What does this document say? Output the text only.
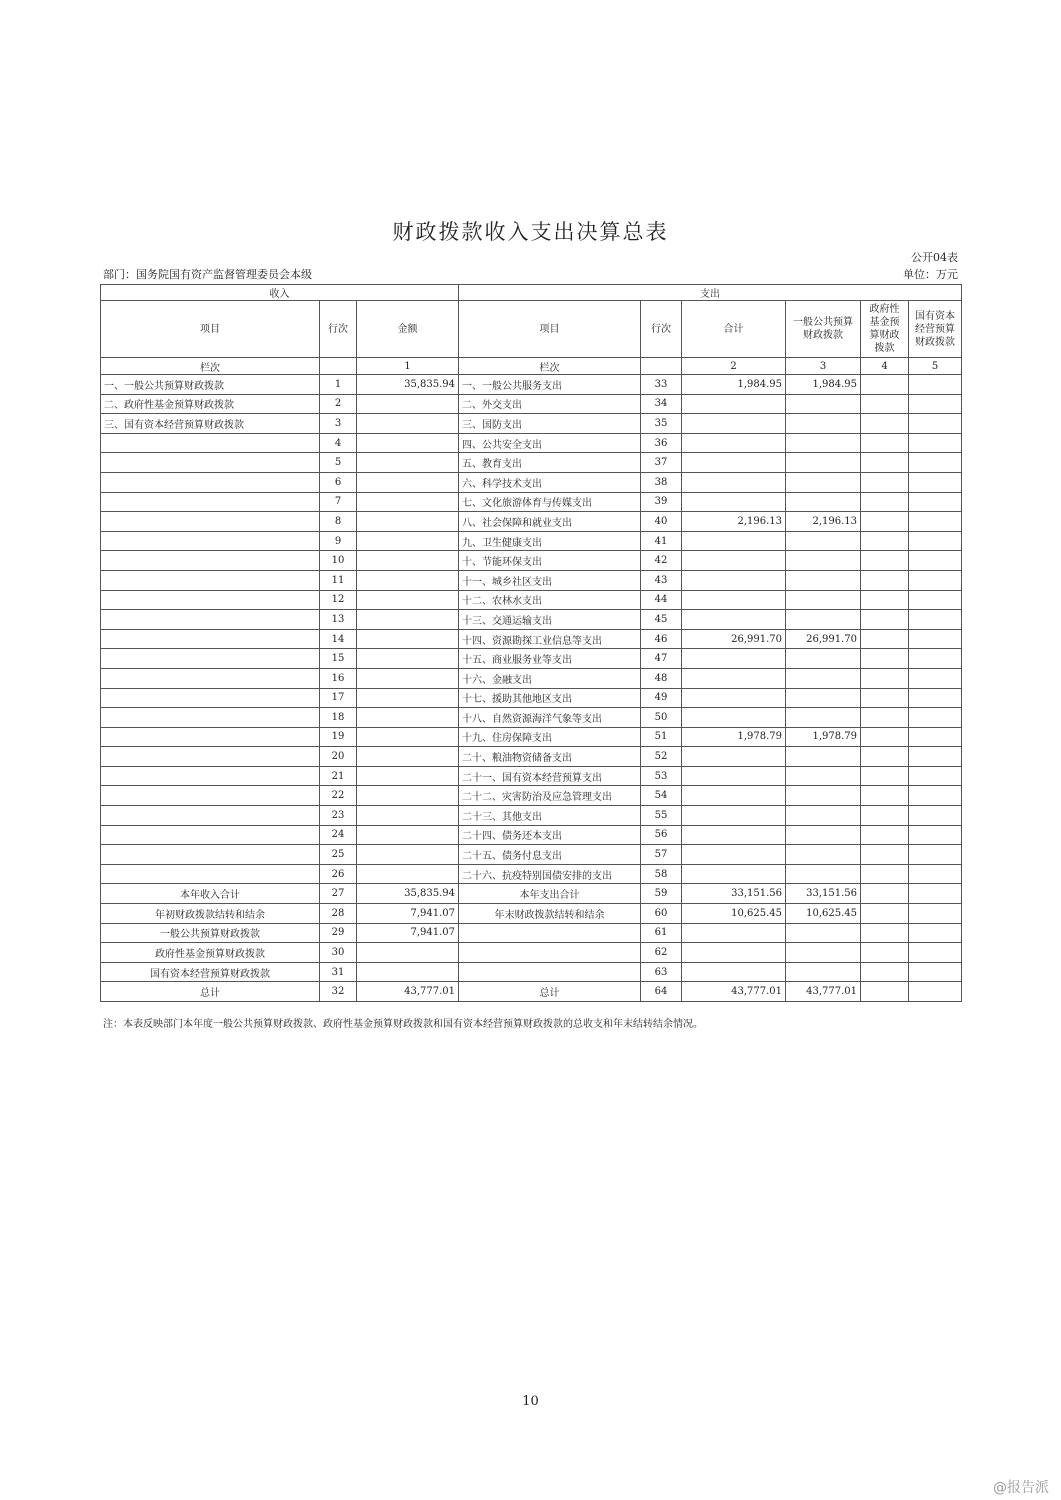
财政拨款收入支出决算总表
公开04表
部门：国务院国有资产监督管理委员会本级	单位：万元
收入			支出					
项目	行次	金额	项目	行次	合计	一般公共预算财政拨款	政府性基金预算财政拨款	国有资本经营预算财政拨款
栏次		1	栏次		2	3	4	5
一、一般公共预算财政拨款	1	35,835.94	一、一般公共服务支出	33	1,984.95	1,984.95		
二、政府性基金预算财政拨款	2		二、外交支出	34				
三、国有资本经营预算财政拨款	3		三、国防支出	35				
	4		四、公共安全支出	36				
	5		五、教育支出	37				
	6		六、科学技术支出	38				
	7		七、文化旅游体育与传媒支出	39				
	8		八、社会保障和就业支出	40	2,196.13	2,196.13		
	9		九、卫生健康支出	41				
	10		十、节能环保支出	42				
	11		十一、城乡社区支出	43				
	12		十二、农林水支出	44				
	13		十三、交通运输支出	45				
	14		十四、资源勘探工业信息等支出	46	26,991.70	26,991.70		
	15		十五、商业服务业等支出	47				
	16		十六、金融支出	48				
	17		十七、援助其他地区支出	49				
	18		十八、自然资源海洋气象等支出	50				
	19		十九、住房保障支出	51	1,978.79	1,978.79		
	20		二十、粮油物资储备支出	52				
	21		二十一、国有资本经营预算支出	53				
	22		二十二、灾害防治及应急管理支出	54				
	23		二十三、其他支出	55				
	24		二十四、债务还本支出	56				
	25		二十五、债务付息支出	57				
	26		二十六、抗疫特别国债安排的支出	58				
本年收入合计	27	35,835.94	本年支出合计	59	33,151.56	33,151.56		
年初财政拨款结转和结余	28	7,941.07	年末财政拨款结转和结余	60	10,625.45	10,625.45		
一般公共预算财政拨款	29	7,941.07		61				
政府性基金预算财政拨款	30			62				
国有资本经营预算财政拨款	31			63				
总计	32	43,777.01	总计	64	43,777.01	43,777.01		
注：本表反映部门本年度一般公共预算财政拨款、政府性基金预算财政拨款和国有资本经营预算财政拨款的总收支和年末结转结余情况。
10
@报告派
